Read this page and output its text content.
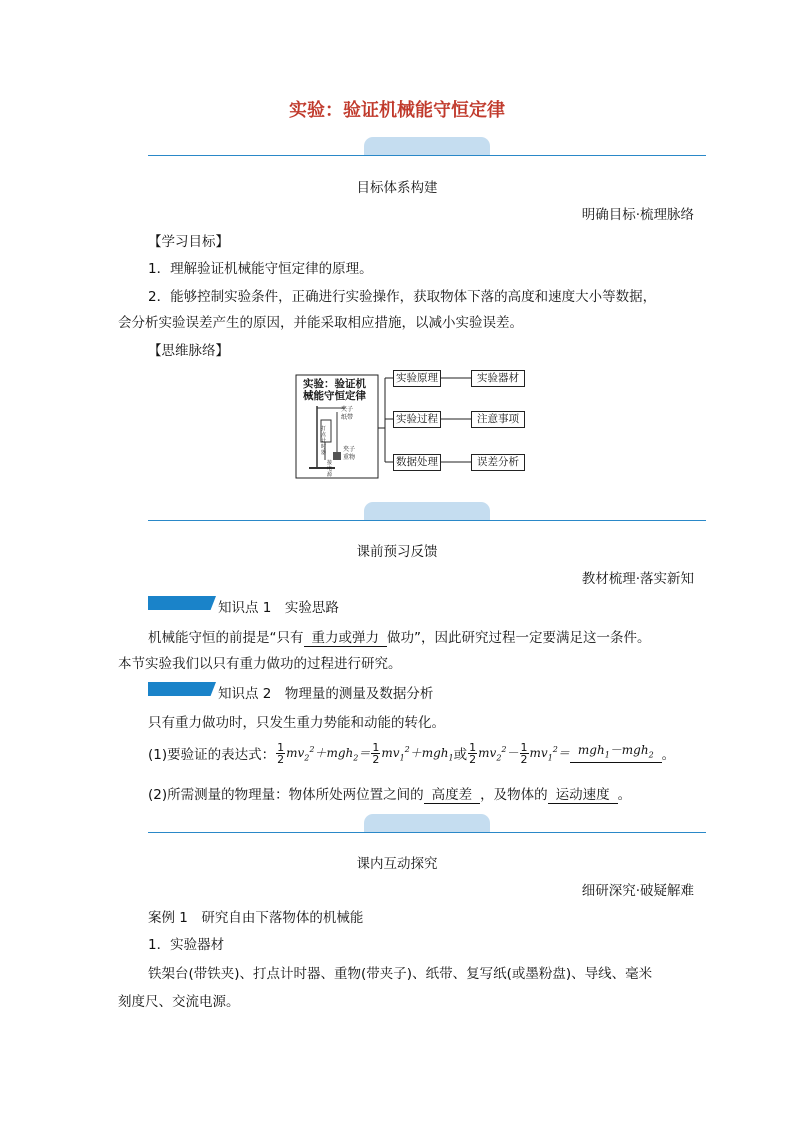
实验：验证机械能守恒定律
目标体系构建
明确目标·梳理脉络
【学习目标】
1．理解验证机械能守恒定律的原理。
2．能够控制实验条件，正确进行实验操作，获取物体下落的高度和速度大小等数据，
会分析实验误差产生的原因，并能采取相应措施，以减小实验误差。
【思维脉络】
实验：验证机
械能守恒定律
夹子
纸带
打点计时器	夹子
重物
接电源
实验原理
实验过程
数据处理
实验器材
注意事项
误差分析
课前预习反馈
教材梳理·落实新知
知识点 1　实验思路
机械能守恒的前提是“只有 重力或弹力 做功”，因此研究过程一定要满足这一条件。
本节实验我们以只有重力做功的过程进行研究。
知识点 2　物理量的测量及数据分析
只有重力做功时，只发生重力势能和动能的转化。
(1)要验证的表达式： $\frac{1}{2} mv_2^2+mgh_2= \frac{1}{2} mv_1^2+mgh_1$ 或 $\frac{1}{2} mv_2^2- \frac{1}{2} mv_1^2= mgh_1-mgh_2$ 。
(2)所需测量的物理量：物体所处两位置之间的 高度差 ，及物体的 运动速度 。
课内互动探究
细研深究·破疑解难
案例 1　研究自由下落物体的机械能
1．实验器材
铁架台(带铁夹)、打点计时器、重物(带夹子)、纸带、复写纸(或墨粉盘)、导线、毫米
刻度尺、交流电源。
